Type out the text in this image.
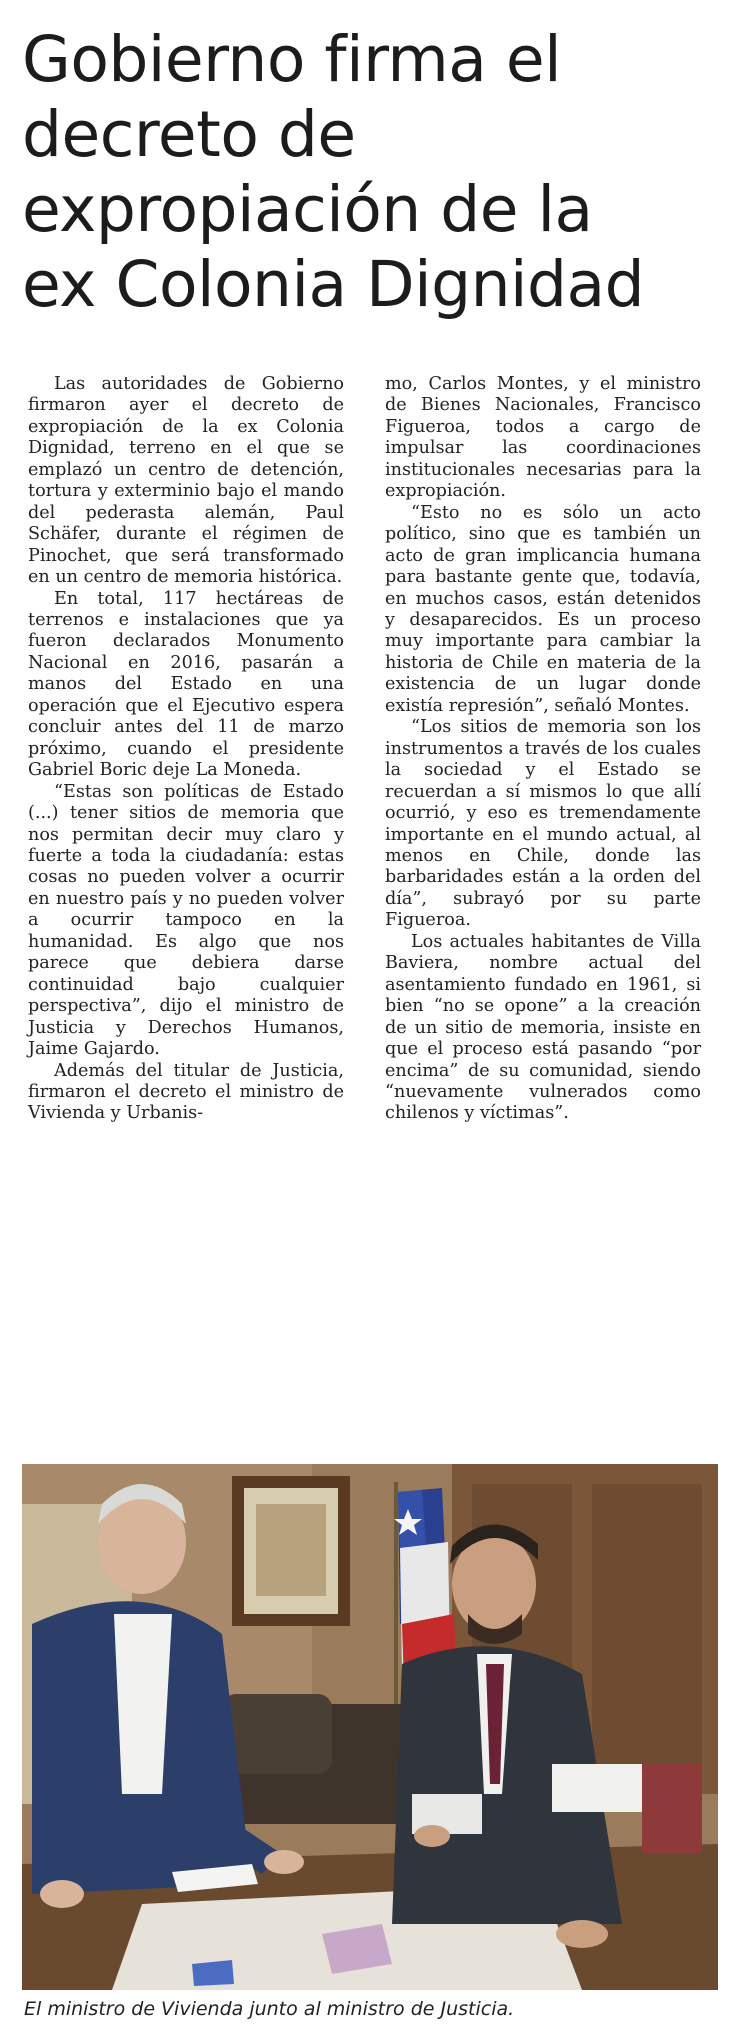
Gobierno firma el
decreto de
expropiación de la
ex Colonia Dignidad

Las autoridades de Gobierno firmaron ayer el decreto de expropiación de la ex Colonia Dignidad, terreno en el que se emplazó un centro de detención, tortura y exterminio bajo el mando del pederasta alemán, Paul Schäfer, durante el régimen de Pinochet, que será transformado en un centro de memoria histórica.

En total, 117 hectáreas de terrenos e instalaciones que ya fueron declarados Monumento Nacional en 2016, pasarán a manos del Estado en una operación que el Ejecutivo espera concluir antes del 11 de marzo próximo, cuando el presidente Gabriel Boric deje La Moneda.

“Estas son políticas de Estado (...) tener sitios de memoria que nos permitan decir muy claro y fuerte a toda la ciudadanía: estas cosas no pueden volver a ocurrir en nuestro país y no pueden volver a ocurrir tampoco en la humanidad. Es algo que nos parece que debiera darse continuidad bajo cualquier perspectiva”, dijo el ministro de Justicia y Derechos Humanos, Jaime Gajardo.

Además del titular de Justicia, firmaron el decreto el ministro de Vivienda y Urbanis-

mo, Carlos Montes, y el ministro de Bienes Nacionales, Francisco Figueroa, todos a cargo de impulsar las coordinaciones institucionales necesarias para la expropiación.

“Esto no es sólo un acto político, sino que es también un acto de gran implicancia humana para bastante gente que, todavía, en muchos casos, están detenidos y desaparecidos. Es un proceso muy importante para cambiar la historia de Chile en materia de la existencia de un lugar donde existía represión”, señaló Montes.

“Los sitios de memoria son los instrumentos a través de los cuales la sociedad y el Estado se recuerdan a sí mismos lo que allí ocurrió, y eso es tremendamente importante en el mundo actual, al menos en Chile, donde las barbaridades están a la orden del día”, subrayó por su parte Figueroa.

Los actuales habitantes de Villa Baviera, nombre actual del asentamiento fundado en 1961, si bien “no se opone” a la creación de un sitio de memoria, insiste en que el proceso está pasando “por encima” de su comunidad, siendo “nuevamente vulnerados como chilenos y víctimas”.

El ministro de Vivienda junto al ministro de Justicia.
